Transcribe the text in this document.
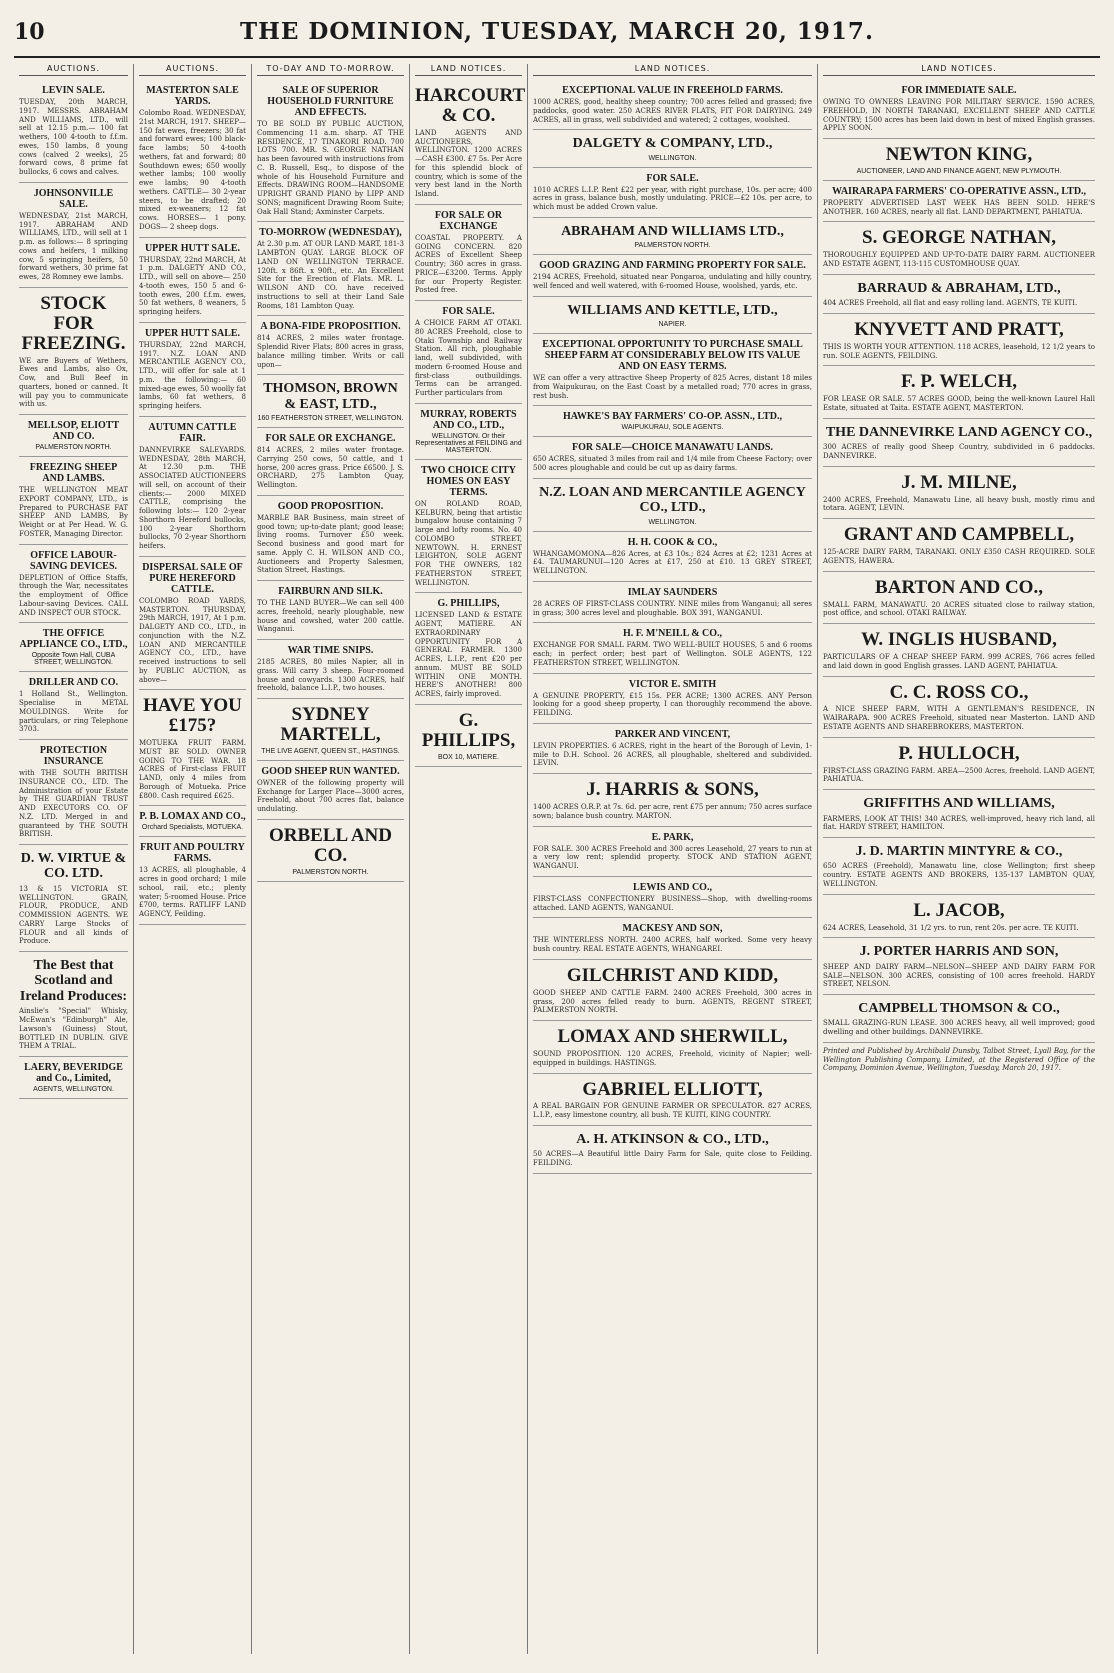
10	THE DOMINION, TUESDAY, MARCH 20, 1917.
AUCTIONS.
LEVIN SALE.
TUESDAY, 20th MARCH, 1917. MESSRS. ABRAHAM AND WILLIAMS, LTD., will sell at 12.15 p.m.— 100 fat wethers, 100 4-tooth to f.f.m. ewes, 150 lambs, 8 young cows (calved 2 weeks), 25 forward cows, 8 prime fat bullocks, 6 cows and calves.
JOHNSONVILLE SALE.
WEDNESDAY, 21st MARCH, 1917. ABRAHAM AND WILLIAMS, LTD., will sell at 1 p.m. as follows:— 8 springing cows and heifers, 1 milking cow, 5 springing heifers, 50 forward wethers, 30 prime fat ewes, 28 Romney ewe lambs.
STOCK FOR FREEZING.
WE are Buyers of Wethers, Ewes and Lambs, also Ox, Cow, and Bull Beef in quarters, boned or canned. It will pay you to communicate with us.
MELLSOP, ELIOTT AND CO.
PALMERSTON NORTH.
FREEZING SHEEP AND LAMBS.
THE WELLINGTON MEAT EXPORT COMPANY, LTD., is Prepared to PURCHASE FAT SHEEP AND LAMBS, By Weight or at Per Head. W. G. FOSTER, Managing Director.
OFFICE LABOUR-SAVING DEVICES.
DEPLETION of Office Staffs, through the War, necessitates the employment of Office Labour-saving Devices. CALL AND INSPECT OUR STOCK.
THE OFFICE APPLIANCE CO., LTD.,
Opposite Town Hall, CUBA STREET, WELLINGTON.
DRILLER AND CO.
1 Holland St., Wellington. Specialise in METAL MOULDINGS. Write for particulars, or ring Telephone 3703.
PROTECTION INSURANCE
with THE SOUTH BRITISH INSURANCE CO., LTD. The Administration of your Estate by THE GUARDIAN TRUST AND EXECUTORS CO. OF N.Z. LTD. Merged in and guaranteed by THE SOUTH BRITISH.
D. W. VIRTUE & CO. LTD.
13 & 15 VICTORIA ST. WELLINGTON. GRAIN, FLOUR, PRODUCE, AND COMMISSION AGENTS. WE CARRY Large Stocks of FLOUR and all kinds of Produce.
The Best that Scotland and Ireland Produces:
Ainslie's "Special" Whisky, McEwan's "Edinburgh" Ale, Lawson's (Guiness) Stout, BOTTLED IN DUBLIN. GIVE THEM A TRIAL.
LAERY, BEVERIDGE and Co., Limited,
AGENTS, WELLINGTON.
AUCTIONS.
MASTERTON SALE YARDS.
Colombo Road. WEDNESDAY, 21st MARCH, 1917. SHEEP— 150 fat ewes, freezers; 30 fat and forward ewes; 100 black-face lambs; 50 4-tooth wethers, fat and forward; 80 Southdown ewes; 650 woolly wether lambs; 100 woolly ewe lambs; 90 4-tooth wethers. CATTLE— 30 2-year steers, to be drafted; 20 mixed ex-weaners; 12 fat cows. HORSES— 1 pony. DOGS— 2 sheep dogs.
UPPER HUTT SALE.
THURSDAY, 22nd MARCH, At 1 p.m. DALGETY AND CO., LTD., will sell on above— 250 4-tooth ewes, 150 5 and 6-tooth ewes, 200 f.f.m. ewes, 50 fat wethers, 8 weaners, 5 springing heifers.
UPPER HUTT SALE.
THURSDAY, 22nd MARCH, 1917. N.Z. LOAN AND MERCANTILE AGENCY CO., LTD., will offer for sale at 1 p.m. the following:— 60 mixed-age ewes, 50 woolly fat lambs, 60 fat wethers, 8 springing heifers.
AUTUMN CATTLE FAIR.
DANNEVIRKE SALEYARDS. WEDNESDAY, 28th MARCH, At 12.30 p.m. THE ASSOCIATED AUCTIONEERS will sell, on account of their clients:— 2000 MIXED CATTLE, comprising the following lots:— 120 2-year Shorthorn Hereford bullocks, 100 2-year Shorthorn bullocks, 70 2-year Shorthorn heifers.
DISPERSAL SALE OF PURE HEREFORD CATTLE.
COLOMBO ROAD YARDS, MASTERTON. THURSDAY, 29th MARCH, 1917, At 1 p.m. DALGETY AND CO., LTD., in conjunction with the N.Z. LOAN AND MERCANTILE AGENCY CO., LTD., have received instructions to sell by PUBLIC AUCTION, as above—
HAVE YOU £175?
MOTUEKA FRUIT FARM. MUST BE SOLD. OWNER GOING TO THE WAR. 18 ACRES of First-class FRUIT LAND, only 4 miles from Borough of Motueka. Price £800. Cash required £625.
P. B. LOMAX AND CO.,
Orchard Specialists, MOTUEKA.
FRUIT AND POULTRY FARMS.
13 ACRES, all ploughable, 4 acres in good orchard; 1 mile school, rail, etc.; plenty water; 5-roomed House. Price £700, terms. RATLIFF LAND AGENCY, Feilding.
TO-DAY AND TO-MORROW.
SALE OF SUPERIOR HOUSEHOLD FURNITURE AND EFFECTS.
TO BE SOLD BY PUBLIC AUCTION, Commencing 11 a.m. sharp. AT THE RESIDENCE, 17 TINAKORI ROAD. 700 LOTS 700. MR. S. GEORGE NATHAN has been favoured with instructions from C. B. Russell, Esq., to dispose of the whole of his Household Furniture and Effects. DRAWING ROOM—HANDSOME UPRIGHT GRAND PIANO by LIPP AND SONS; magnificent Drawing Room Suite; Oak Hall Stand; Axminster Carpets.
TO-MORROW (WEDNESDAY),
At 2.30 p.m. AT OUR LAND MART, 181-3 LAMBTON QUAY. LARGE BLOCK OF LAND ON WELLINGTON TERRACE. 120ft. x 86ft. x 90ft., etc. An Excellent Site for the Erection of Flats. MR. L. WILSON AND CO. have received instructions to sell at their Land Sale Rooms, 181 Lambton Quay.
A BONA-FIDE PROPOSITION.
814 ACRES, 2 miles water frontage. Splendid River Flats; 800 acres in grass, balance milling timber. Writs or call upon—
THOMSON, BROWN & EAST, LTD.,
160 FEATHERSTON STREET, WELLINGTON.
FOR SALE OR EXCHANGE.
814 ACRES, 2 miles water frontage. Carrying 250 cows, 50 cattle, and 1 horse, 200 acres grass. Price £6500. J. S. ORCHARD, 275 Lambton Quay, Wellington.
GOOD PROPOSITION.
MARBLE BAR Business, main street of good town; up-to-date plant; good lease; living rooms. Turnover £50 week. Second business and good mart for same. Apply C. H. WILSON AND CO., Auctioneers and Property Salesmen, Station Street, Hastings.
FAIRBURN AND SILK.
TO THE LAND BUYER—We can sell 400 acres, freehold, nearly ploughable, new house and cowshed, water 200 cattle. Wanganui.
WAR TIME SNIPS.
2185 ACRES, 80 miles Napier, all in grass. Will carry 3 sheep. Four-roomed house and cowyards. 1300 ACRES, half freehold, balance L.I.P., two houses.
SYDNEY MARTELL,
THE LIVE AGENT, QUEEN ST., HASTINGS.
GOOD SHEEP RUN WANTED.
OWNER of the following property will Exchange for Larger Place—3000 acres, Freehold, about 700 acres flat, balance undulating.
ORBELL AND CO.
PALMERSTON NORTH.
LAND NOTICES.
HARCOURT & CO.
LAND AGENTS AND AUCTIONEERS, WELLINGTON. 1200 ACRES—CASH £300. £7 5s. Per Acre for this splendid block of country, which is some of the very best land in the North Island.
FOR SALE OR EXCHANGE
COASTAL PROPERTY. A GOING CONCERN. 820 ACRES of Excellent Sheep Country; 360 acres in grass. PRICE—£3200. Terms. Apply for our Property Register. Posted free.
FOR SALE.
A CHOICE FARM AT OTAKI. 80 ACRES Freehold, close to Otaki Township and Railway Station. All rich, ploughable land, well subdivided, with modern 6-roomed House and first-class outbuildings. Terms can be arranged. Further particulars from
MURRAY, ROBERTS AND CO., LTD.,
WELLINGTON. Or their Representatives at FEILDING and MASTERTON.
TWO CHOICE CITY HOMES ON EASY TERMS.
ON ROLAND ROAD, KELBURN, being that artistic bungalow house containing 7 large and lofty rooms. No. 40 COLOMBO STREET, NEWTOWN. H. ERNEST LEIGHTON, SOLE AGENT FOR THE OWNERS, 182 FEATHERSTON STREET, WELLINGTON.
G. PHILLIPS,
LICENSED LAND & ESTATE AGENT, MATIERE. AN EXTRAORDINARY OPPORTUNITY FOR A GENERAL FARMER. 1300 ACRES, L.I.P., rent £20 per annum. MUST BE SOLD WITHIN ONE MONTH. HERE'S ANOTHER! 800 ACRES, fairly improved.
G. PHILLIPS,
BOX 10, MATIERE.
LAND NOTICES.
EXCEPTIONAL VALUE IN FREEHOLD FARMS.
1000 ACRES, good, healthy sheep country; 700 acres felled and grassed; five paddocks, good water. 250 ACRES RIVER FLATS, FIT FOR DAIRYING. 249 ACRES, all in grass, well subdivided and watered; 2 cottages, woolshed.
DALGETY & COMPANY, LTD.,
WELLINGTON.
FOR SALE.
1010 ACRES L.I.P. Rent £22 per year, with right purchase, 10s. per acre; 400 acres in grass, balance bush, mostly undulating. PRICE—£2 10s. per acre, to which must be added Crown value.
ABRAHAM AND WILLIAMS LTD.,
PALMERSTON NORTH.
GOOD GRAZING AND FARMING PROPERTY FOR SALE.
2194 ACRES, Freehold, situated near Pongaroa, undulating and hilly country, well fenced and well watered, with 6-roomed House, woolshed, yards, etc.
WILLIAMS AND KETTLE, LTD.,
NAPIER.
EXCEPTIONAL OPPORTUNITY TO PURCHASE SMALL SHEEP FARM AT CONSIDERABLY BELOW ITS VALUE AND ON EASY TERMS.
WE can offer a very attractive Sheep Property of 825 Acres, distant 18 miles from Waipukurau, on the East Coast by a metalled road; 770 acres in grass, rest bush.
HAWKE'S BAY FARMERS' CO-OP. ASSN., LTD.,
WAIPUKURAU, SOLE AGENTS.
FOR SALE—CHOICE MANAWATU LANDS.
650 ACRES, situated 3 miles from rail and 1/4 mile from Cheese Factory; over 500 acres ploughable and could be cut up as dairy farms.
N.Z. LOAN AND MERCANTILE AGENCY CO., LTD.,
WELLINGTON.
H. H. COOK & CO.,
WHANGAMOMONA—826 Acres, at £3 10s.; 824 Acres at £2; 1231 Acres at £4. TAUMARUNUI—120 Acres at £17, 250 at £10. 13 GREY STREET, WELLINGTON.
IMLAY SAUNDERS
28 ACRES OF FIRST-CLASS COUNTRY. NINE miles from Wanganui; all seres in grass; 300 acres level and ploughable. BOX 391, WANGANUI.
H. F. M'NEILL & CO.,
EXCHANGE FOR SMALL FARM. TWO WELL-BUILT HOUSES, 5 and 6 rooms each; in perfect order; best part of Wellington. SOLE AGENTS, 122 FEATHERSTON STREET, WELLINGTON.
VICTOR E. SMITH
A GENUINE PROPERTY, £15 15s. PER ACRE; 1300 ACRES. ANY Person looking for a good sheep property, I can thoroughly recommend the above. FEILDING.
PARKER AND VINCENT,
LEVIN PROPERTIES. 6 ACRES, right in the heart of the Borough of Levin, 1-mile to D.H. School. 26 ACRES, all ploughable, sheltered and subdivided. LEVIN.
J. HARRIS & SONS,
1400 ACRES O.R.P. at 7s. 6d. per acre, rent £75 per annum; 750 acres surface sown; balance bush country. MARTON.
E. PARK,
FOR SALE. 300 ACRES Freehold and 300 acres Leasehold, 27 years to run at a very low rent; splendid property. STOCK AND STATION AGENT, WANGANUI.
LEWIS AND CO.,
FIRST-CLASS CONFECTIONERY BUSINESS—Shop, with dwelling-rooms attached. LAND AGENTS, WANGANUI.
MACKESY AND SON,
THE WINTERLESS NORTH. 2400 ACRES, half worked. Some very heavy bush country. REAL ESTATE AGENTS, WHANGAREI.
GILCHRIST AND KIDD,
GOOD SHEEP AND CATTLE FARM. 2400 ACRES Freehold, 300 acres in grass, 200 acres felled ready to burn. AGENTS, REGENT STREET, PALMERSTON NORTH.
LOMAX AND SHERWILL,
SOUND PROPOSITION. 120 ACRES, Freehold, vicinity of Napier; well-equipped in buildings. HASTINGS.
GABRIEL ELLIOTT,
A REAL BARGAIN FOR GENUINE FARMER OR SPECULATOR. 827 ACRES, L.I.P., easy limestone country, all bush. TE KUITI, KING COUNTRY.
A. H. ATKINSON & CO., LTD.,
50 ACRES—A Beautiful little Dairy Farm for Sale, quite close to Feilding. FEILDING.
LAND NOTICES.
FOR IMMEDIATE SALE.
OWING TO OWNERS LEAVING FOR MILITARY SERVICE. 1590 ACRES, FREEHOLD, IN NORTH TARANAKI, EXCELLENT SHEEP AND CATTLE COUNTRY; 1500 acres has been laid down in best of mixed English grasses. APPLY SOON.
NEWTON KING,
AUCTIONEER, LAND AND FINANCE AGENT, NEW PLYMOUTH.
WAIRARAPA FARMERS' CO-OPERATIVE ASSN., LTD.,
PROPERTY ADVERTISED LAST WEEK HAS BEEN SOLD. HERE'S ANOTHER. 160 ACRES, nearly all flat. LAND DEPARTMENT, PAHIATUA.
S. GEORGE NATHAN,
THOROUGHLY EQUIPPED AND UP-TO-DATE DAIRY FARM. AUCTIONEER AND ESTATE AGENT, 113-115 CUSTOMHOUSE QUAY.
BARRAUD & ABRAHAM, LTD.,
404 ACRES Freehold, all flat and easy rolling land. AGENTS, TE KUITI.
KNYVETT AND PRATT,
THIS IS WORTH YOUR ATTENTION. 118 ACRES, leasehold, 12 1/2 years to run. SOLE AGENTS, FEILDING.
F. P. WELCH,
FOR LEASE OR SALE. 57 ACRES GOOD, being the well-known Laurel Hall Estate, situated at Taita. ESTATE AGENT, MASTERTON.
THE DANNEVIRKE LAND AGENCY CO.,
300 ACRES of really good Sheep Country, subdivided in 6 paddocks. DANNEVIRKE.
J. M. MILNE,
2400 ACRES, Freehold, Manawatu Line, all heavy bush, mostly rimu and totara. AGENT, LEVIN.
GRANT AND CAMPBELL,
125-ACRE DAIRY FARM, TARANAKI. ONLY £350 CASH REQUIRED. SOLE AGENTS, HAWERA.
BARTON AND CO.,
SMALL FARM, MANAWATU. 20 ACRES situated close to railway station, post office, and school. OTAKI RAILWAY.
W. INGLIS HUSBAND,
PARTICULARS OF A CHEAP SHEEP FARM. 999 ACRES, 766 acres felled and laid down in good English grasses. LAND AGENT, PAHIATUA.
C. C. ROSS CO.,
A NICE SHEEP FARM, WITH A GENTLEMAN'S RESIDENCE, IN WAIRARAPA. 900 ACRES Freehold, situated near Masterton. LAND AND ESTATE AGENTS AND SHAREBROKERS, MASTERTON.
P. HULLOCH,
FIRST-CLASS GRAZING FARM. AREA—2500 Acres, freehold. LAND AGENT, PAHIATUA.
GRIFFITHS AND WILLIAMS,
FARMERS, LOOK AT THIS! 340 ACRES, well-improved, heavy rich land, all flat. HARDY STREET, HAMILTON.
J. D. MARTIN MINTYRE & CO.,
650 ACRES (Freehold), Manawatu line, close Wellington; first sheep country. ESTATE AGENTS AND BROKERS, 135-137 LAMBTON QUAY, WELLINGTON.
L. JACOB,
624 ACRES, Leasehold, 31 1/2 yrs. to run, rent 20s. per acre. TE KUITI.
J. PORTER HARRIS AND SON,
SHEEP AND DAIRY FARM—NELSON—SHEEP AND DAIRY FARM FOR SALE—NELSON. 300 ACRES, consisting of 100 acres freehold. HARDY STREET, NELSON.
CAMPBELL THOMSON & CO.,
SMALL GRAZING-RUN LEASE. 300 ACRES heavy, all well improved; good dwelling and other buildings. DANNEVIRKE.
Printed and Published by Archibald Dunsby, Talbot Street, Lyall Bay, for the Wellington Publishing Company, Limited, at the Registered Office of the Company, Dominion Avenue, Wellington, Tuesday, March 20, 1917.
